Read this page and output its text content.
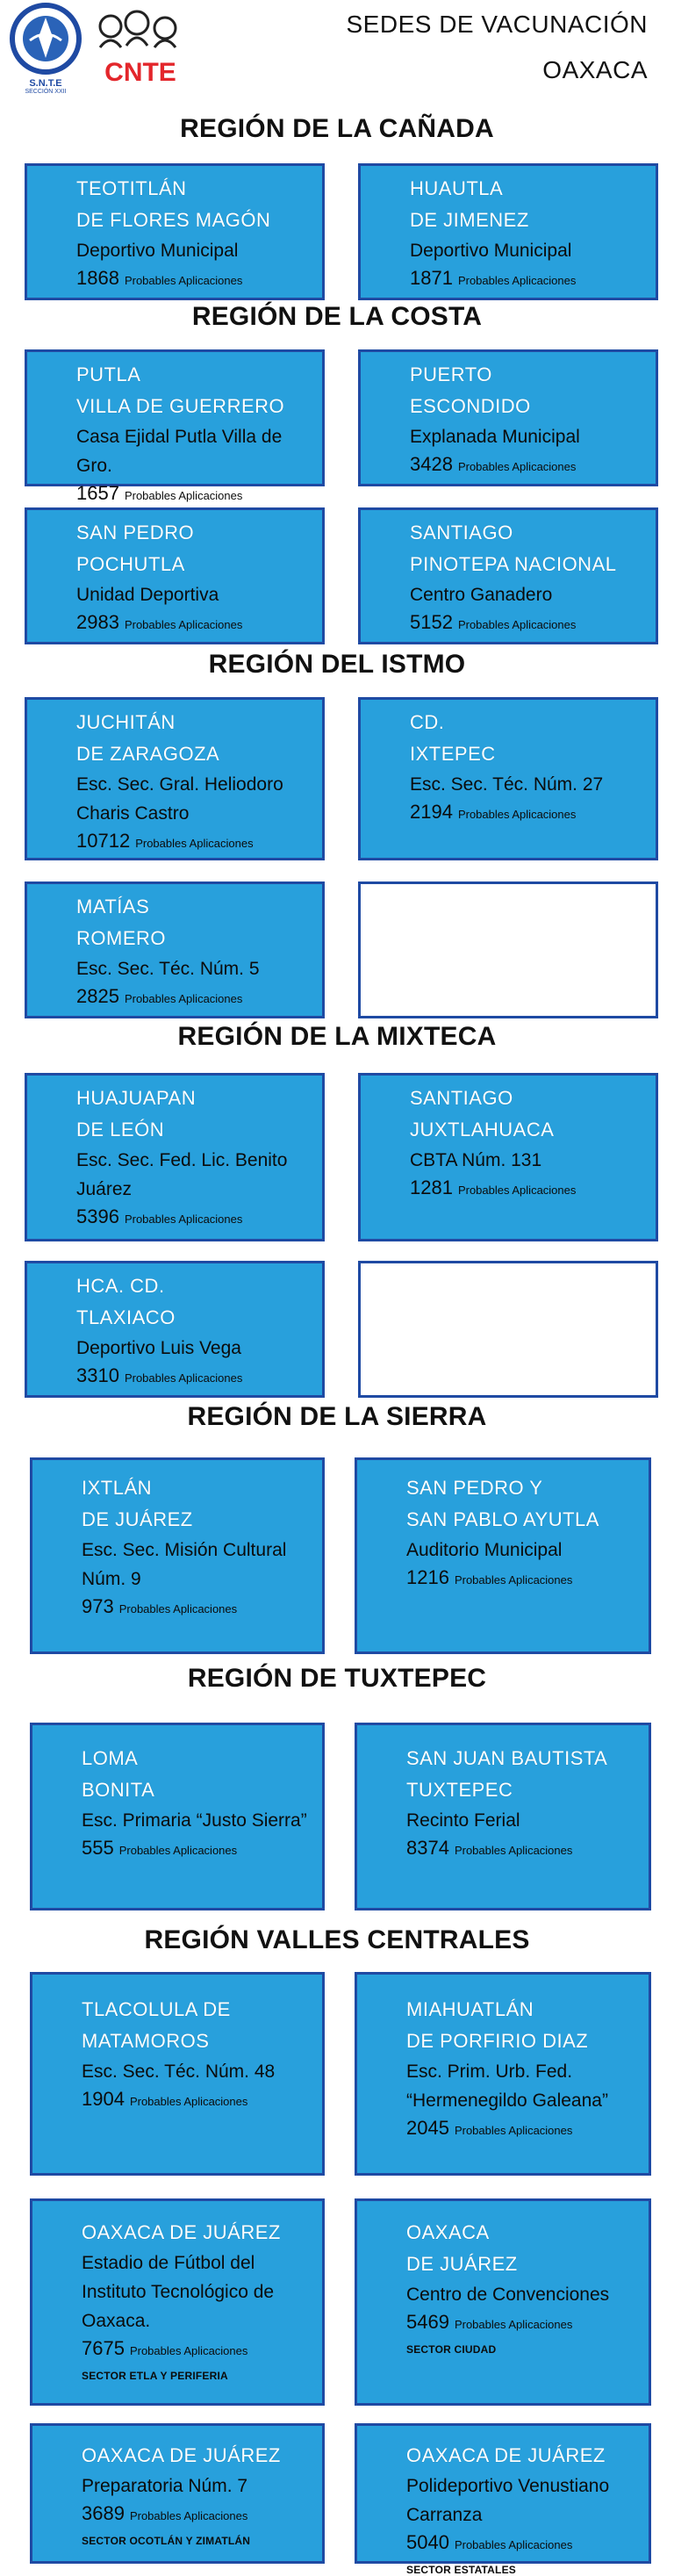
S.N.T.E
SECCIÓN XXII
CNTE
SEDES DE VACUNACIÓN
OAXACA
REGIÓN DE LA CAÑADA
REGIÓN DE LA COSTA
REGIÓN DEL ISTMO
REGIÓN DE LA MIXTECA
REGIÓN DE LA SIERRA
REGIÓN DE TUXTEPEC
REGIÓN VALLES CENTRALES
TEOTITLÁN
DE FLORES MAGÓN
Deportivo Municipal
1868 Probables Aplicaciones
HUAUTLA
DE JIMENEZ
Deportivo Municipal
1871 Probables Aplicaciones
PUTLA
VILLA DE GUERRERO
Casa Ejidal Putla Villa de Gro.
1657 Probables Aplicaciones
PUERTO
ESCONDIDO
Explanada Municipal
3428 Probables Aplicaciones
SAN PEDRO
POCHUTLA
Unidad Deportiva
2983 Probables Aplicaciones
SANTIAGO
PINOTEPA NACIONAL
Centro Ganadero
5152 Probables Aplicaciones
JUCHITÁN
DE ZARAGOZA
Esc. Sec. Gral. Heliodoro
Charis Castro
10712 Probables Aplicaciones
CD.
IXTEPEC
Esc. Sec. Téc. Núm. 27
2194 Probables Aplicaciones
MATÍAS
ROMERO
Esc. Sec. Téc. Núm. 5
2825 Probables Aplicaciones
HUAJUAPAN
DE LEÓN
Esc. Sec. Fed. Lic. Benito
Juárez
5396 Probables Aplicaciones
SANTIAGO
JUXTLAHUACA
CBTA Núm. 131
1281 Probables Aplicaciones
HCA. CD.
TLAXIACO
Deportivo Luis Vega
3310 Probables Aplicaciones
IXTLÁN
DE JUÁREZ
Esc. Sec. Misión Cultural
Núm. 9
973 Probables Aplicaciones
SAN PEDRO Y
SAN PABLO AYUTLA
Auditorio Municipal
1216 Probables Aplicaciones
LOMA
BONITA
Esc. Primaria “Justo Sierra”
555 Probables Aplicaciones
SAN JUAN BAUTISTA
TUXTEPEC
Recinto Ferial
8374 Probables Aplicaciones
TLACOLULA DE
MATAMOROS
Esc. Sec. Téc. Núm. 48
1904 Probables Aplicaciones
MIAHUATLÁN
DE PORFIRIO DIAZ
Esc. Prim. Urb. Fed.
“Hermenegildo Galeana”
2045 Probables Aplicaciones
OAXACA DE JUÁREZ
Estadio de Fútbol del
Instituto Tecnológico de
Oaxaca.
7675 Probables Aplicaciones
SECTOR ETLA Y PERIFERIA
OAXACA
DE JUÁREZ
Centro de Convenciones
5469 Probables Aplicaciones
SECTOR CIUDAD
OAXACA DE JUÁREZ
Preparatoria Núm. 7
3689 Probables Aplicaciones
SECTOR OCOTLÁN Y ZIMATLÁN
OAXACA DE JUÁREZ
Polideportivo Venustiano
Carranza
5040 Probables Aplicaciones
SECTOR ESTATALES
